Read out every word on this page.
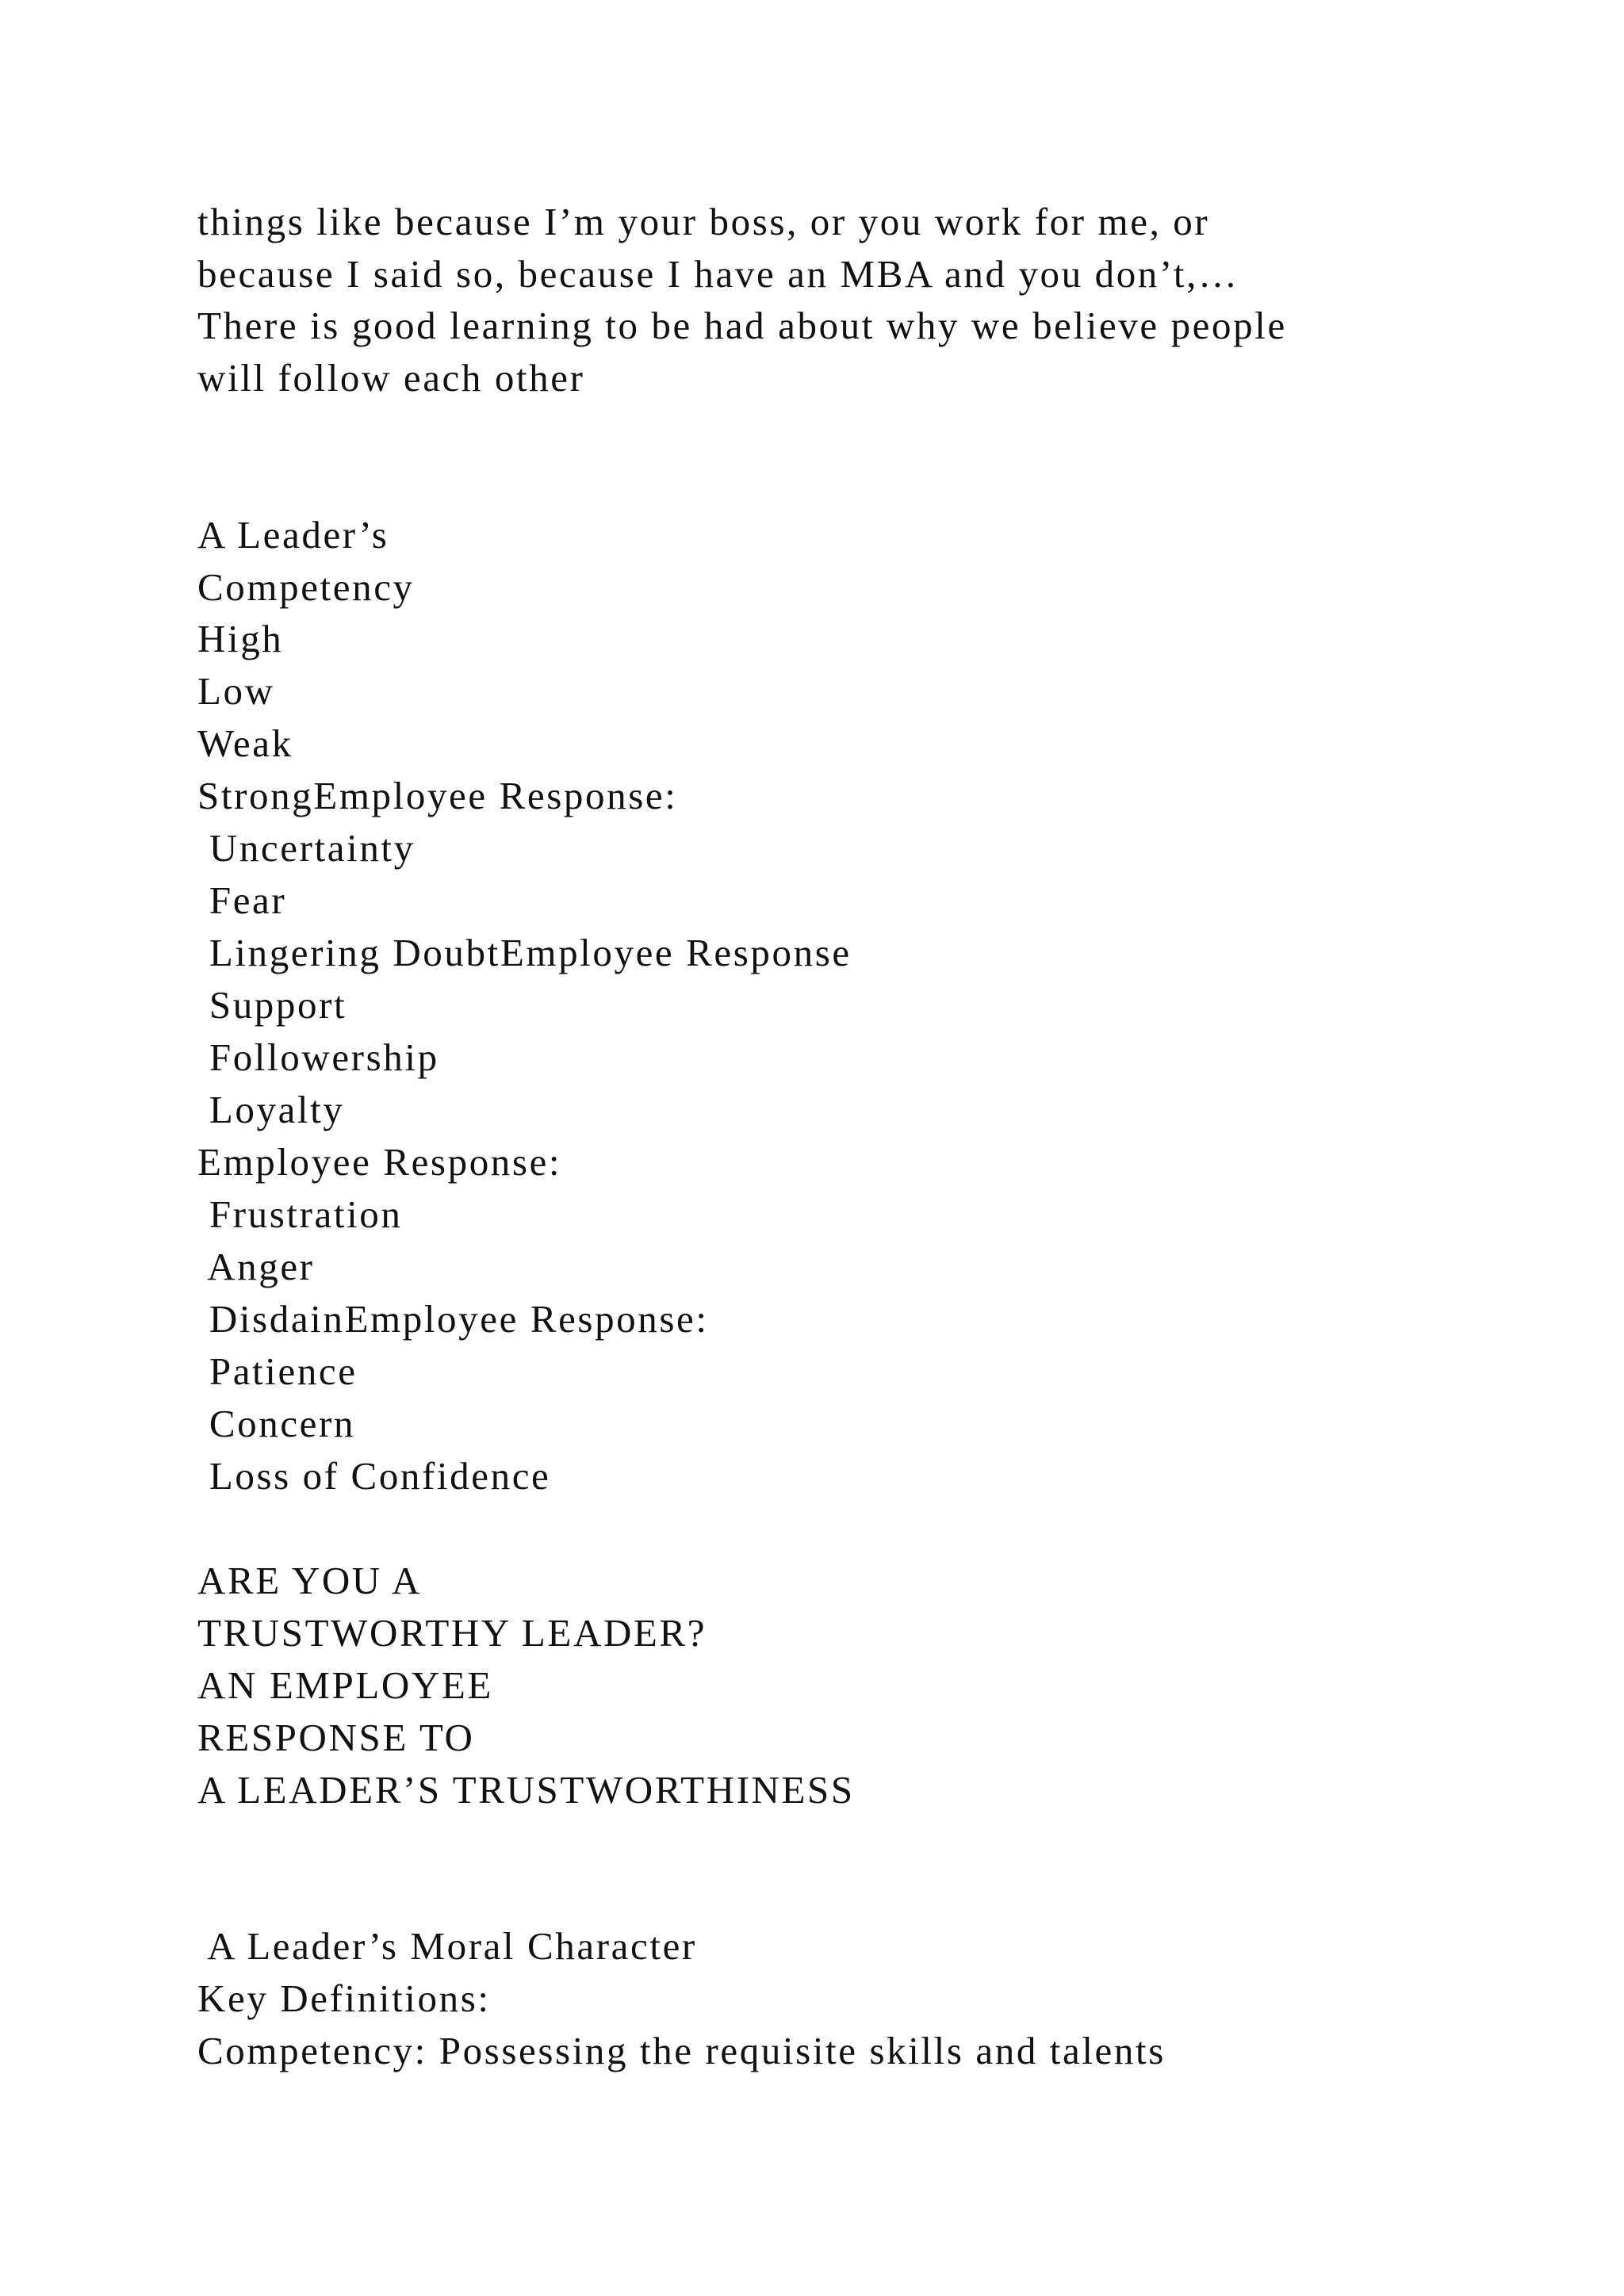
things like because I’m your boss, or you work for me, or
because I said so, because I have an MBA and you don’t,…
There is good learning to be had about why we believe people
will follow each other
A Leader’s
Competency
High
Low
Weak
StrongEmployee Response:
Uncertainty
Fear
Lingering DoubtEmployee Response
Support
Followership
Loyalty
Employee Response:
Frustration
Anger
DisdainEmployee Response:
Patience
Concern
Loss of Confidence
ARE YOU A
TRUSTWORTHY LEADER?
AN EMPLOYEE
RESPONSE TO
A LEADER’S TRUSTWORTHINESS
A Leader’s Moral Character
Key Definitions:
Competency: Possessing the requisite skills and talents
